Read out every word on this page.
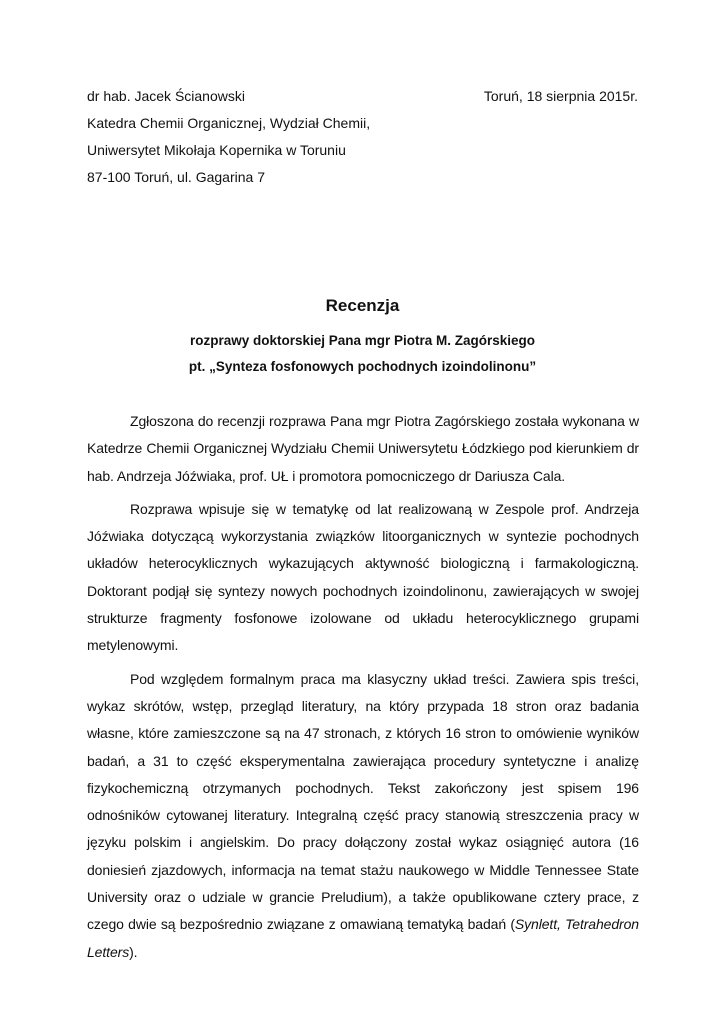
dr hab. Jacek Ścianowski
Katedra Chemii Organicznej, Wydział Chemii,
Uniwersytet Mikołaja Kopernika w Toruniu
87-100 Toruń, ul. Gagarina 7
Toruń, 18 sierpnia 2015r.
Recenzja
rozprawy doktorskiej Pana mgr Piotra M. Zagórskiego
pt. „Synteza fosfonowych pochodnych izoindolinonu”

Zgłoszona do recenzji rozprawa Pana mgr Piotra Zagórskiego została wykonana w Katedrze Chemii Organicznej Wydziału Chemii Uniwersytetu Łódzkiego pod kierunkiem dr hab. Andrzeja Jóźwiaka, prof. UŁ i promotora pomocniczego dr Dariusza Cala.

Rozprawa wpisuje się w tematykę od lat realizowaną w Zespole prof. Andrzeja Jóźwiaka dotyczącą wykorzystania związków litoorganicznych w syntezie pochodnych układów heterocyklicznych wykazujących aktywność biologiczną i farmakologiczną. Doktorant podjął się syntezy nowych pochodnych izoindolinonu, zawierających w swojej strukturze fragmenty fosfonowe izolowane od układu heterocyklicznego grupami metylenowymi.

Pod względem formalnym praca ma klasyczny układ treści. Zawiera spis treści, wykaz skrótów, wstęp, przegląd literatury, na który przypada 18 stron oraz badania własne, które zamieszczone są na 47 stronach, z których 16 stron to omówienie wyników badań, a 31 to część eksperymentalna zawierająca procedury syntetyczne i analizę fizykochemiczną otrzymanych pochodnych. Tekst zakończony jest spisem 196 odnośników cytowanej literatury. Integralną część pracy stanowią streszczenia pracy w języku polskim i angielskim. Do pracy dołączony został wykaz osiągnięć autora (16 doniesień zjazdowych, informacja na temat stażu naukowego w Middle Tennessee State University oraz o udziale w grancie Preludium), a także opublikowane cztery prace, z czego dwie są bezpośrednio związane z omawianą tematyką badań (Synlett, Tetrahedron Letters).
